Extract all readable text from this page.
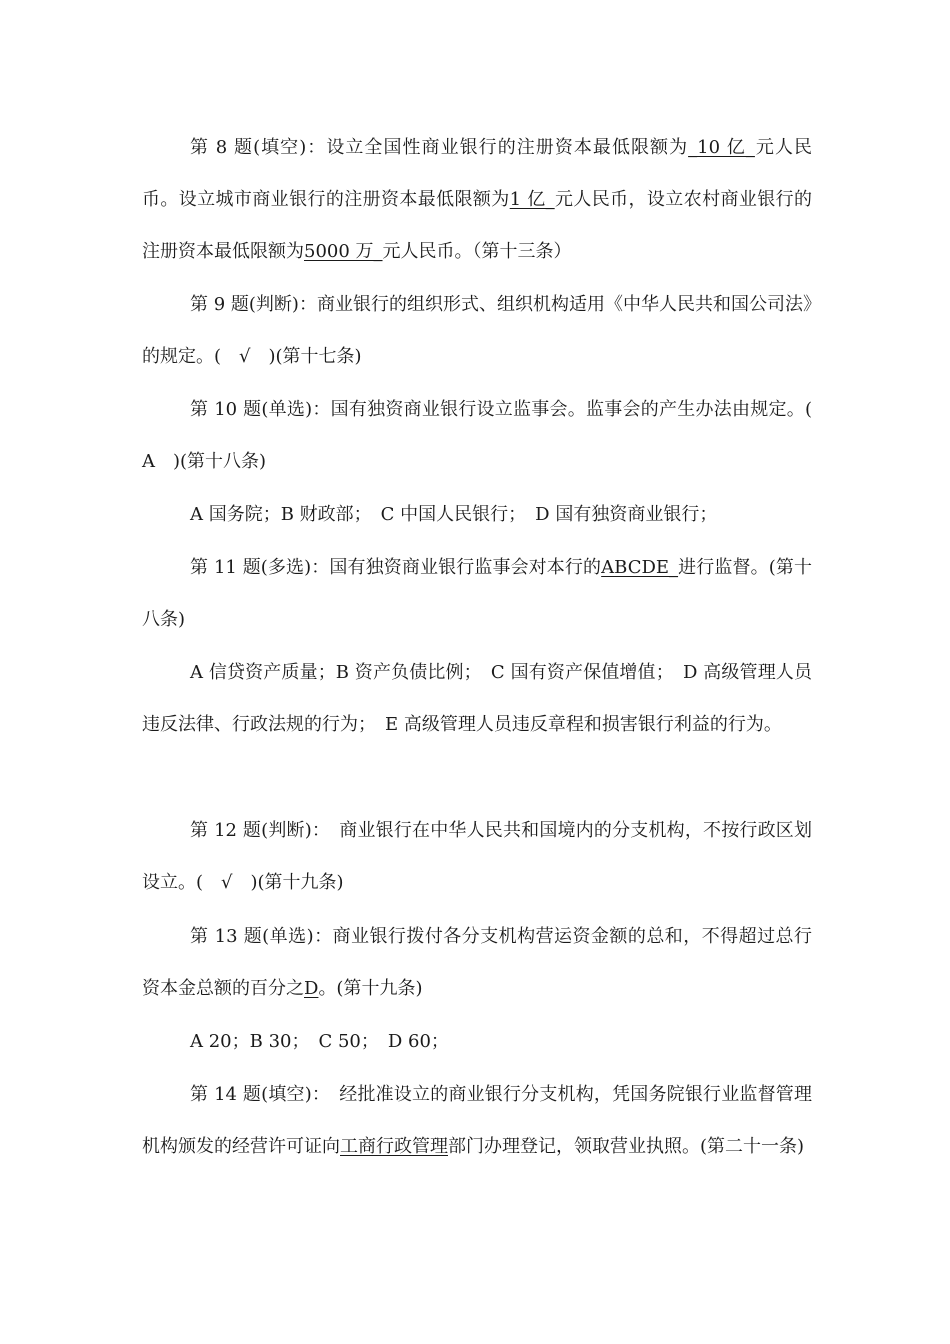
第 8 题(填空)：设立全国性商业银行的注册资本最低限额为_10 亿_元人民币。设立城市商业银行的注册资本最低限额为1 亿_元人民币，设立农村商业银行的注册资本最低限额为5000 万_元人民币。（第十三条）

第 9 题(判断)：商业银行的组织形式、组织机构适用《中华人民共和国公司法》的规定。(　√　)(第十七条)

第 10 题(单选)：国有独资商业银行设立监事会。监事会的产生办法由规定。( A　)(第十八条)

A 国务院；B 财政部；　C 中国人民银行；　D 国有独资商业银行；

第 11 题(多选)：国有独资商业银行监事会对本行的ABCDE_进行监督。(第十八条)

A 信贷资产质量；B 资产负债比例；　C 国有资产保值增值；　D 高级管理人员违反法律、行政法规的行为；　E 高级管理人员违反章程和损害银行利益的行为。

第 12 题(判断)：　商业银行在中华人民共和国境内的分支机构，不按行政区划设立。(　√　)(第十九条)

第 13 题(单选)：商业银行拨付各分支机构营运资金额的总和，不得超过总行资本金总额的百分之D。(第十九条)

A 20；B 30；　C 50；　D 60；

第 14 题(填空)：　经批准设立的商业银行分支机构，凭国务院银行业监督管理机构颁发的经营许可证向工商行政管理部门办理登记，领取营业执照。(第二十一条)
